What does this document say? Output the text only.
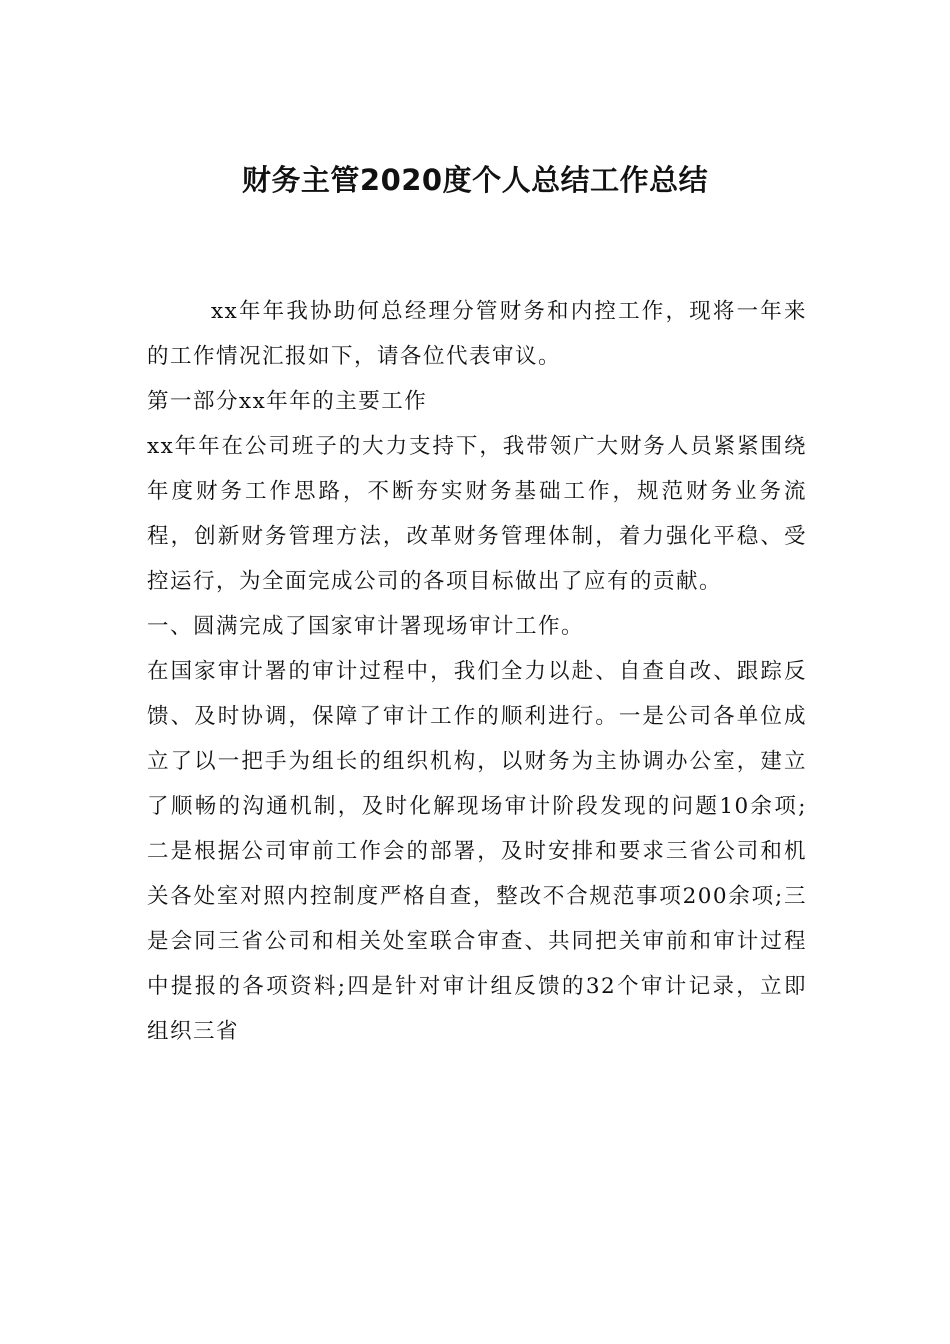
财务主管2020度个人总结工作总结

xx年年我协助何总经理分管财务和内控工作，现将一年来的工作情况汇报如下，请各位代表审议。

第一部分xx年年的主要工作

xx年年在公司班子的大力支持下，我带领广大财务人员紧紧围绕年度财务工作思路，不断夯实财务基础工作，规范财务业务流程，创新财务管理方法，改革财务管理体制，着力强化平稳、受控运行，为全面完成公司的各项目标做出了应有的贡献。

一、圆满完成了国家审计署现场审计工作。

在国家审计署的审计过程中，我们全力以赴、自查自改、跟踪反馈、及时协调，保障了审计工作的顺利进行。一是公司各单位成立了以一把手为组长的组织机构，以财务为主协调办公室，建立了顺畅的沟通机制，及时化解现场审计阶段发现的问题10余项;二是根据公司审前工作会的部署，及时安排和要求三省公司和机关各处室对照内控制度严格自查，整改不合规范事项200余项;三是会同三省公司和相关处室联合审查、共同把关审前和审计过程中提报的各项资料;四是针对审计组反馈的32个审计记录，立即组织三省
